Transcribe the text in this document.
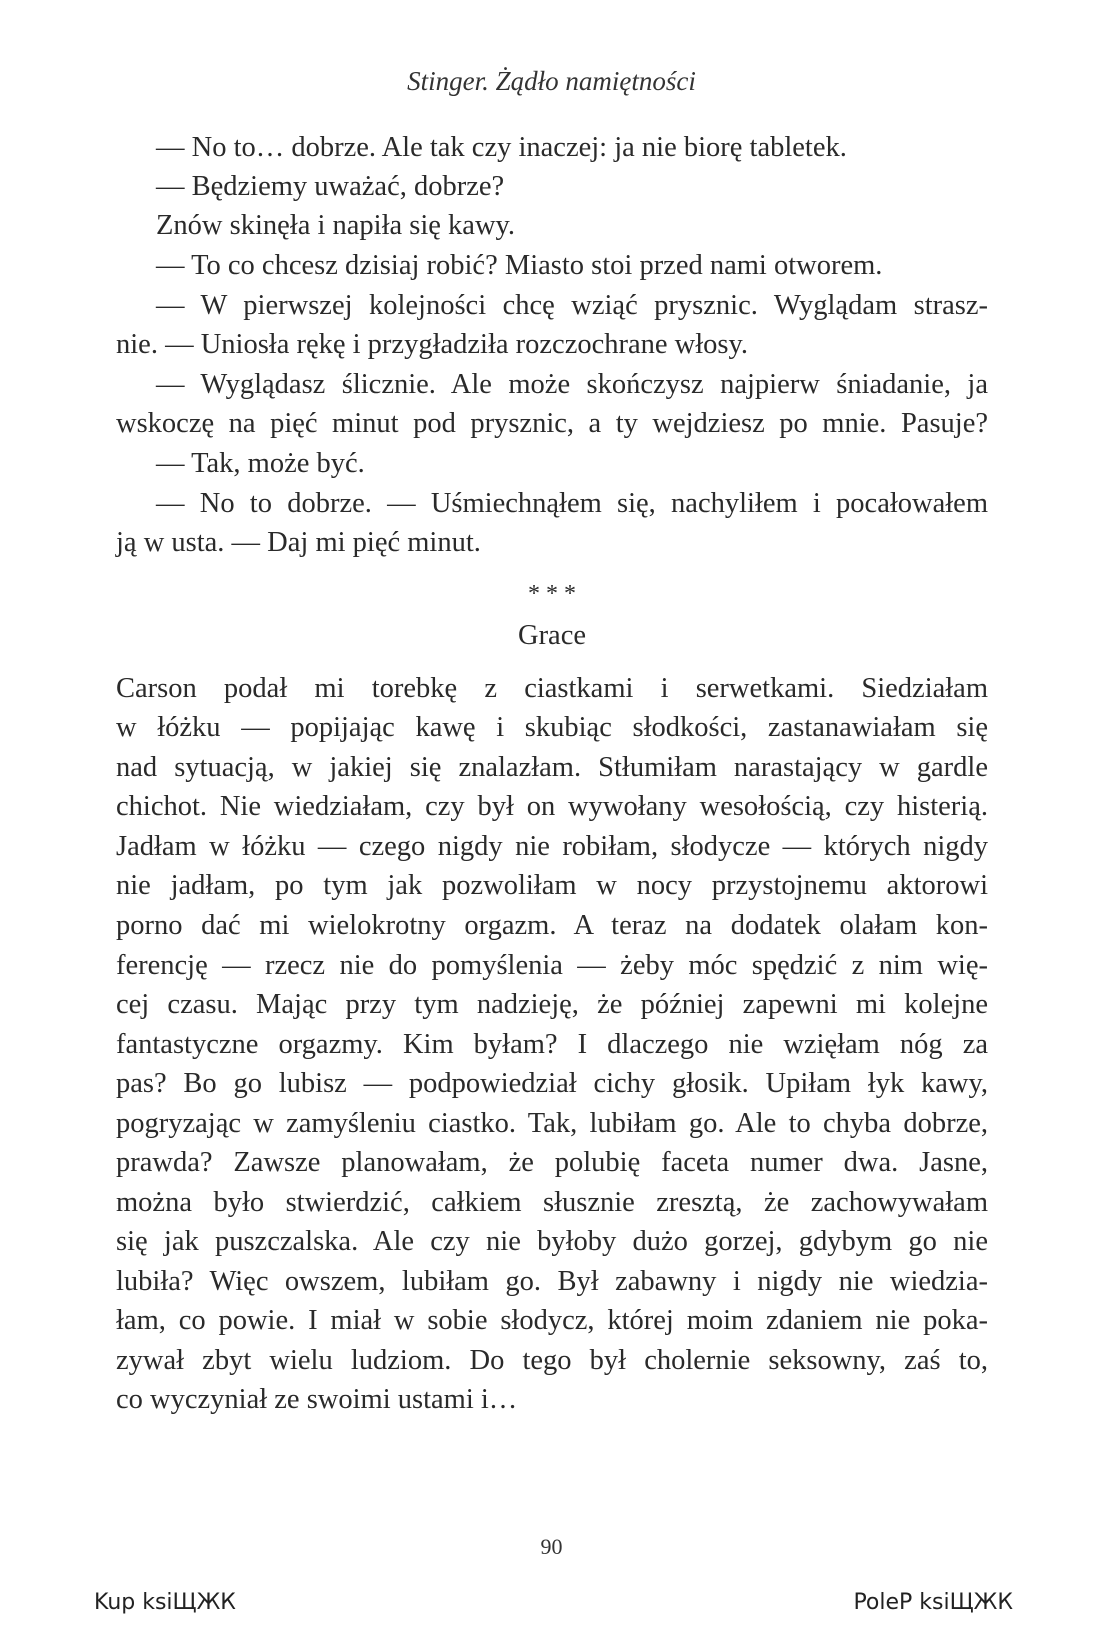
Stinger. Żądło namiętności
— No to… dobrze. Ale tak czy inaczej: ja nie biorę tabletek.
— Będziemy uważać, dobrze?
Znów skinęła i napiła się kawy.
— To co chcesz dzisiaj robić? Miasto stoi przed nami otworem.
— W pierwszej kolejności chcę wziąć prysznic. Wyglądam strasz-
nie. — Uniosła rękę i przygładziła rozczochrane włosy.
— Wyglądasz ślicznie. Ale może skończysz najpierw śniadanie, ja
wskoczę na pięć minut pod prysznic, a ty wejdziesz po mnie. Pasuje?
— Tak, może być.
— No to dobrze. — Uśmiechnąłem się, nachyliłem i pocałowałem
ją w usta. — Daj mi pięć minut.
* * *
Grace
Carson podał mi torebkę z ciastkami i serwetkami. Siedziałam
w łóżku — popijając kawę i skubiąc słodkości, zastanawiałam się
nad sytuacją, w jakiej się znalazłam. Stłumiłam narastający w gardle
chichot. Nie wiedziałam, czy był on wywołany wesołością, czy histerią.
Jadłam w łóżku — czego nigdy nie robiłam, słodycze — których nigdy
nie jadłam, po tym jak pozwoliłam w nocy przystojnemu aktorowi
porno dać mi wielokrotny orgazm. A teraz na dodatek olałam kon-
ferencję — rzecz nie do pomyślenia — żeby móc spędzić z nim wię-
cej czasu. Mając przy tym nadzieję, że później zapewni mi kolejne
fantastyczne orgazmy. Kim byłam? I dlaczego nie wzięłam nóg za
pas? Bo go lubisz — podpowiedział cichy głosik. Upiłam łyk kawy,
pogryzając w zamyśleniu ciastko. Tak, lubiłam go. Ale to chyba dobrze,
prawda? Zawsze planowałam, że polubię faceta numer dwa. Jasne,
można było stwierdzić, całkiem słusznie zresztą, że zachowywałam
się jak puszczalska. Ale czy nie byłoby dużo gorzej, gdybym go nie
lubiła? Więc owszem, lubiłam go. Był zabawny i nigdy nie wiedzia-
łam, co powie. I miał w sobie słodycz, której moim zdaniem nie poka-
zywał zbyt wielu ludziom. Do tego był cholernie seksowny, zaś to,
co wyczyniał ze swoimi ustami i…
90
Kup ksiЩЖК	PoleР ksiЩЖК
